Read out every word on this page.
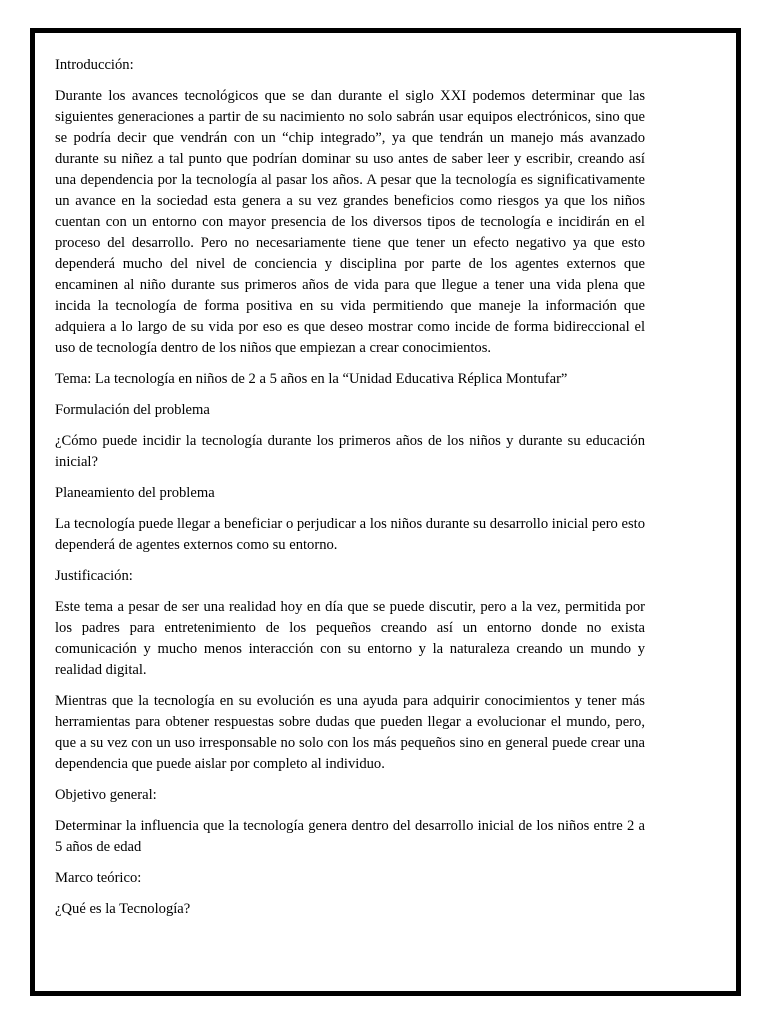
Introducción:

Durante los avances tecnológicos que se dan durante el siglo XXI podemos determinar que las siguientes generaciones a partir de su nacimiento no solo sabrán usar equipos electrónicos, sino que se podría decir que vendrán con un “chip integrado”, ya que tendrán un manejo más avanzado durante su niñez a tal punto que podrían dominar su uso antes de saber leer y escribir, creando así una dependencia por la tecnología al pasar los años. A pesar que la tecnología es significativamente un avance en la sociedad esta genera a su vez grandes beneficios como riesgos ya que los niños cuentan con un entorno con mayor presencia de los diversos tipos de tecnología e incidirán en el proceso del desarrollo. Pero no necesariamente tiene que tener un efecto negativo ya que esto dependerá mucho del nivel de conciencia y disciplina por parte de los agentes externos que encaminen al niño durante sus primeros años de vida para que llegue a tener una vida plena que incida la tecnología de forma positiva en su vida permitiendo que maneje la información que adquiera a lo largo de su vida por eso es que deseo mostrar como incide de forma bidireccional el uso de tecnología dentro de los niños que empiezan a crear conocimientos.

Tema: La tecnología en niños de 2 a 5 años en la “Unidad Educativa Réplica Montufar”

Formulación del problema

¿Cómo puede incidir la tecnología durante los primeros años de los niños y durante su educación inicial?

Planeamiento del problema

La tecnología puede llegar a beneficiar o perjudicar a los niños durante su desarrollo inicial pero esto dependerá de agentes externos como su entorno.

Justificación:

Este tema a pesar de ser una realidad hoy en día que se puede discutir, pero a la vez, permitida por los padres para entretenimiento de los pequeños creando así un entorno donde no exista comunicación y mucho menos interacción con su entorno y la naturaleza creando un mundo y realidad digital.

Mientras que la tecnología en su evolución es una ayuda para adquirir conocimientos y tener más herramientas para obtener respuestas sobre dudas que pueden llegar a evolucionar el mundo, pero, que a su vez con un uso irresponsable no solo con los más pequeños sino en general puede crear una dependencia que puede aislar por completo al individuo.

Objetivo general:

Determinar la influencia que la tecnología genera dentro del desarrollo inicial de los niños entre 2 a 5 años de edad

Marco teórico:

¿Qué es la Tecnología?
